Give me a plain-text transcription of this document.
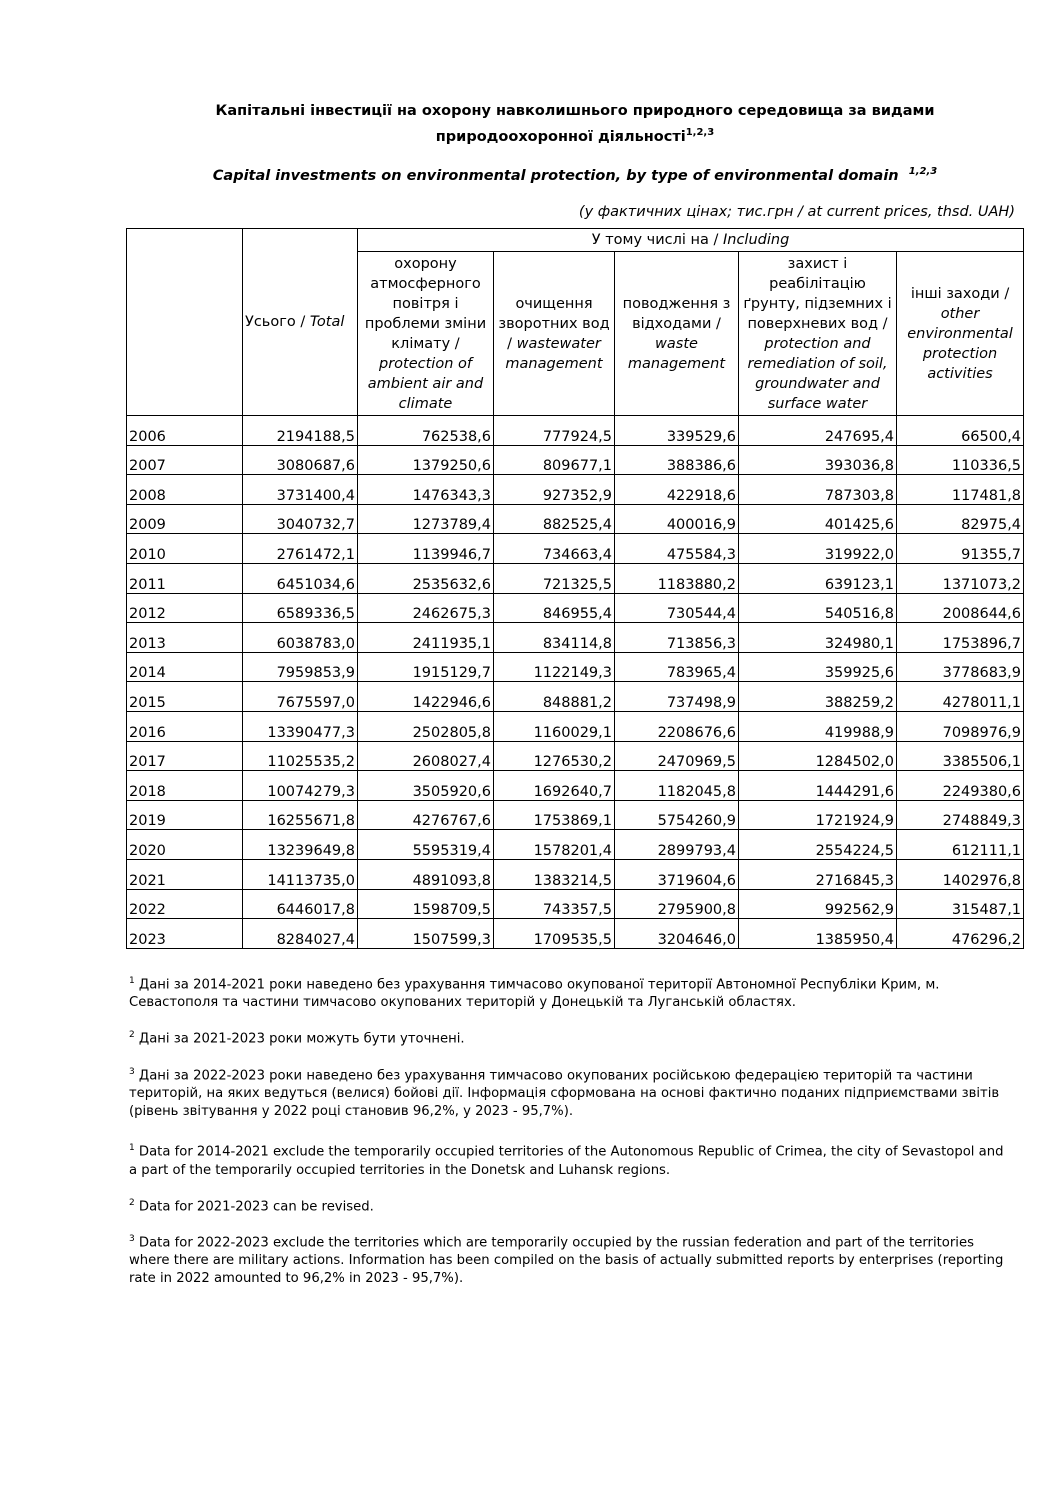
Капітальні інвестиції на охорону навколишнього природного середовища за видами природоохоронної діяльності$^{1,2,3}$
Capital investments on environmental protection, by type of environmental domain $^{1,2,3}$
(у фактичних цінах; тис.грн / at current prices, thsd. UAH)
	Усього / Total	У тому числі на / Including				
		охорону атмосферного повітря і проблеми зміни клімату / protection of ambient air and climate	очищення зворотних вод / wastewater management	поводження з відходами / waste management	захист і реабілітацію ґрунту, підземних і поверхневих вод / protection and remediation of soil, groundwater and surface water	інші заходи / other environmental protection activities
2006	2194188,5	762538,6	777924,5	339529,6	247695,4	66500,4
2007	3080687,6	1379250,6	809677,1	388386,6	393036,8	110336,5
2008	3731400,4	1476343,3	927352,9	422918,6	787303,8	117481,8
2009	3040732,7	1273789,4	882525,4	400016,9	401425,6	82975,4
2010	2761472,1	1139946,7	734663,4	475584,3	319922,0	91355,7
2011	6451034,6	2535632,6	721325,5	1183880,2	639123,1	1371073,2
2012	6589336,5	2462675,3	846955,4	730544,4	540516,8	2008644,6
2013	6038783,0	2411935,1	834114,8	713856,3	324980,1	1753896,7
2014	7959853,9	1915129,7	1122149,3	783965,4	359925,6	3778683,9
2015	7675597,0	1422946,6	848881,2	737498,9	388259,2	4278011,1
2016	13390477,3	2502805,8	1160029,1	2208676,6	419988,9	7098976,9
2017	11025535,2	2608027,4	1276530,2	2470969,5	1284502,0	3385506,1
2018	10074279,3	3505920,6	1692640,7	1182045,8	1444291,6	2249380,6
2019	16255671,8	4276767,6	1753869,1	5754260,9	1721924,9	2748849,3
2020	13239649,8	5595319,4	1578201,4	2899793,4	2554224,5	612111,1
2021	14113735,0	4891093,8	1383214,5	3719604,6	2716845,3	1402976,8
2022	6446017,8	1598709,5	743357,5	2795900,8	992562,9	315487,1
2023	8284027,4	1507599,3	1709535,5	3204646,0	1385950,4	476296,2

$^1$ Дані за 2014-2021 роки наведено без урахування тимчасово окупованої території Автономної Республіки Крим, м. Севастополя та частини тимчасово окупованих територій у Донецькій та Луганській областях.

$^2$ Дані за 2021-2023 роки можуть бути уточнені.

$^3$ Дані за 2022-2023 роки наведено без урахування тимчасово окупованих російською федерацією територій та частини територій, на яких ведуться (велися) бойові дії. Інформація сформована на основі фактично поданих підприємствами звітів (рівень звітування у 2022 році становив 96,2%, у 2023 - 95,7%).

$^1$ Data for 2014-2021 exclude the temporarily occupied territories of the Autonomous Republic of Crimea, the city of Sevastopol and a part of the temporarily occupied territories in the Donetsk and Luhansk regions.

$^2$ Data for 2021-2023 can be revised.

$^3$ Data for 2022-2023 exclude the territories which are temporarily occupied by the russian federation and part of the territories where there are military actions. Information has been compiled on the basis of actually submitted reports by enterprises (reporting rate in 2022 amounted to 96,2% in 2023 - 95,7%).
